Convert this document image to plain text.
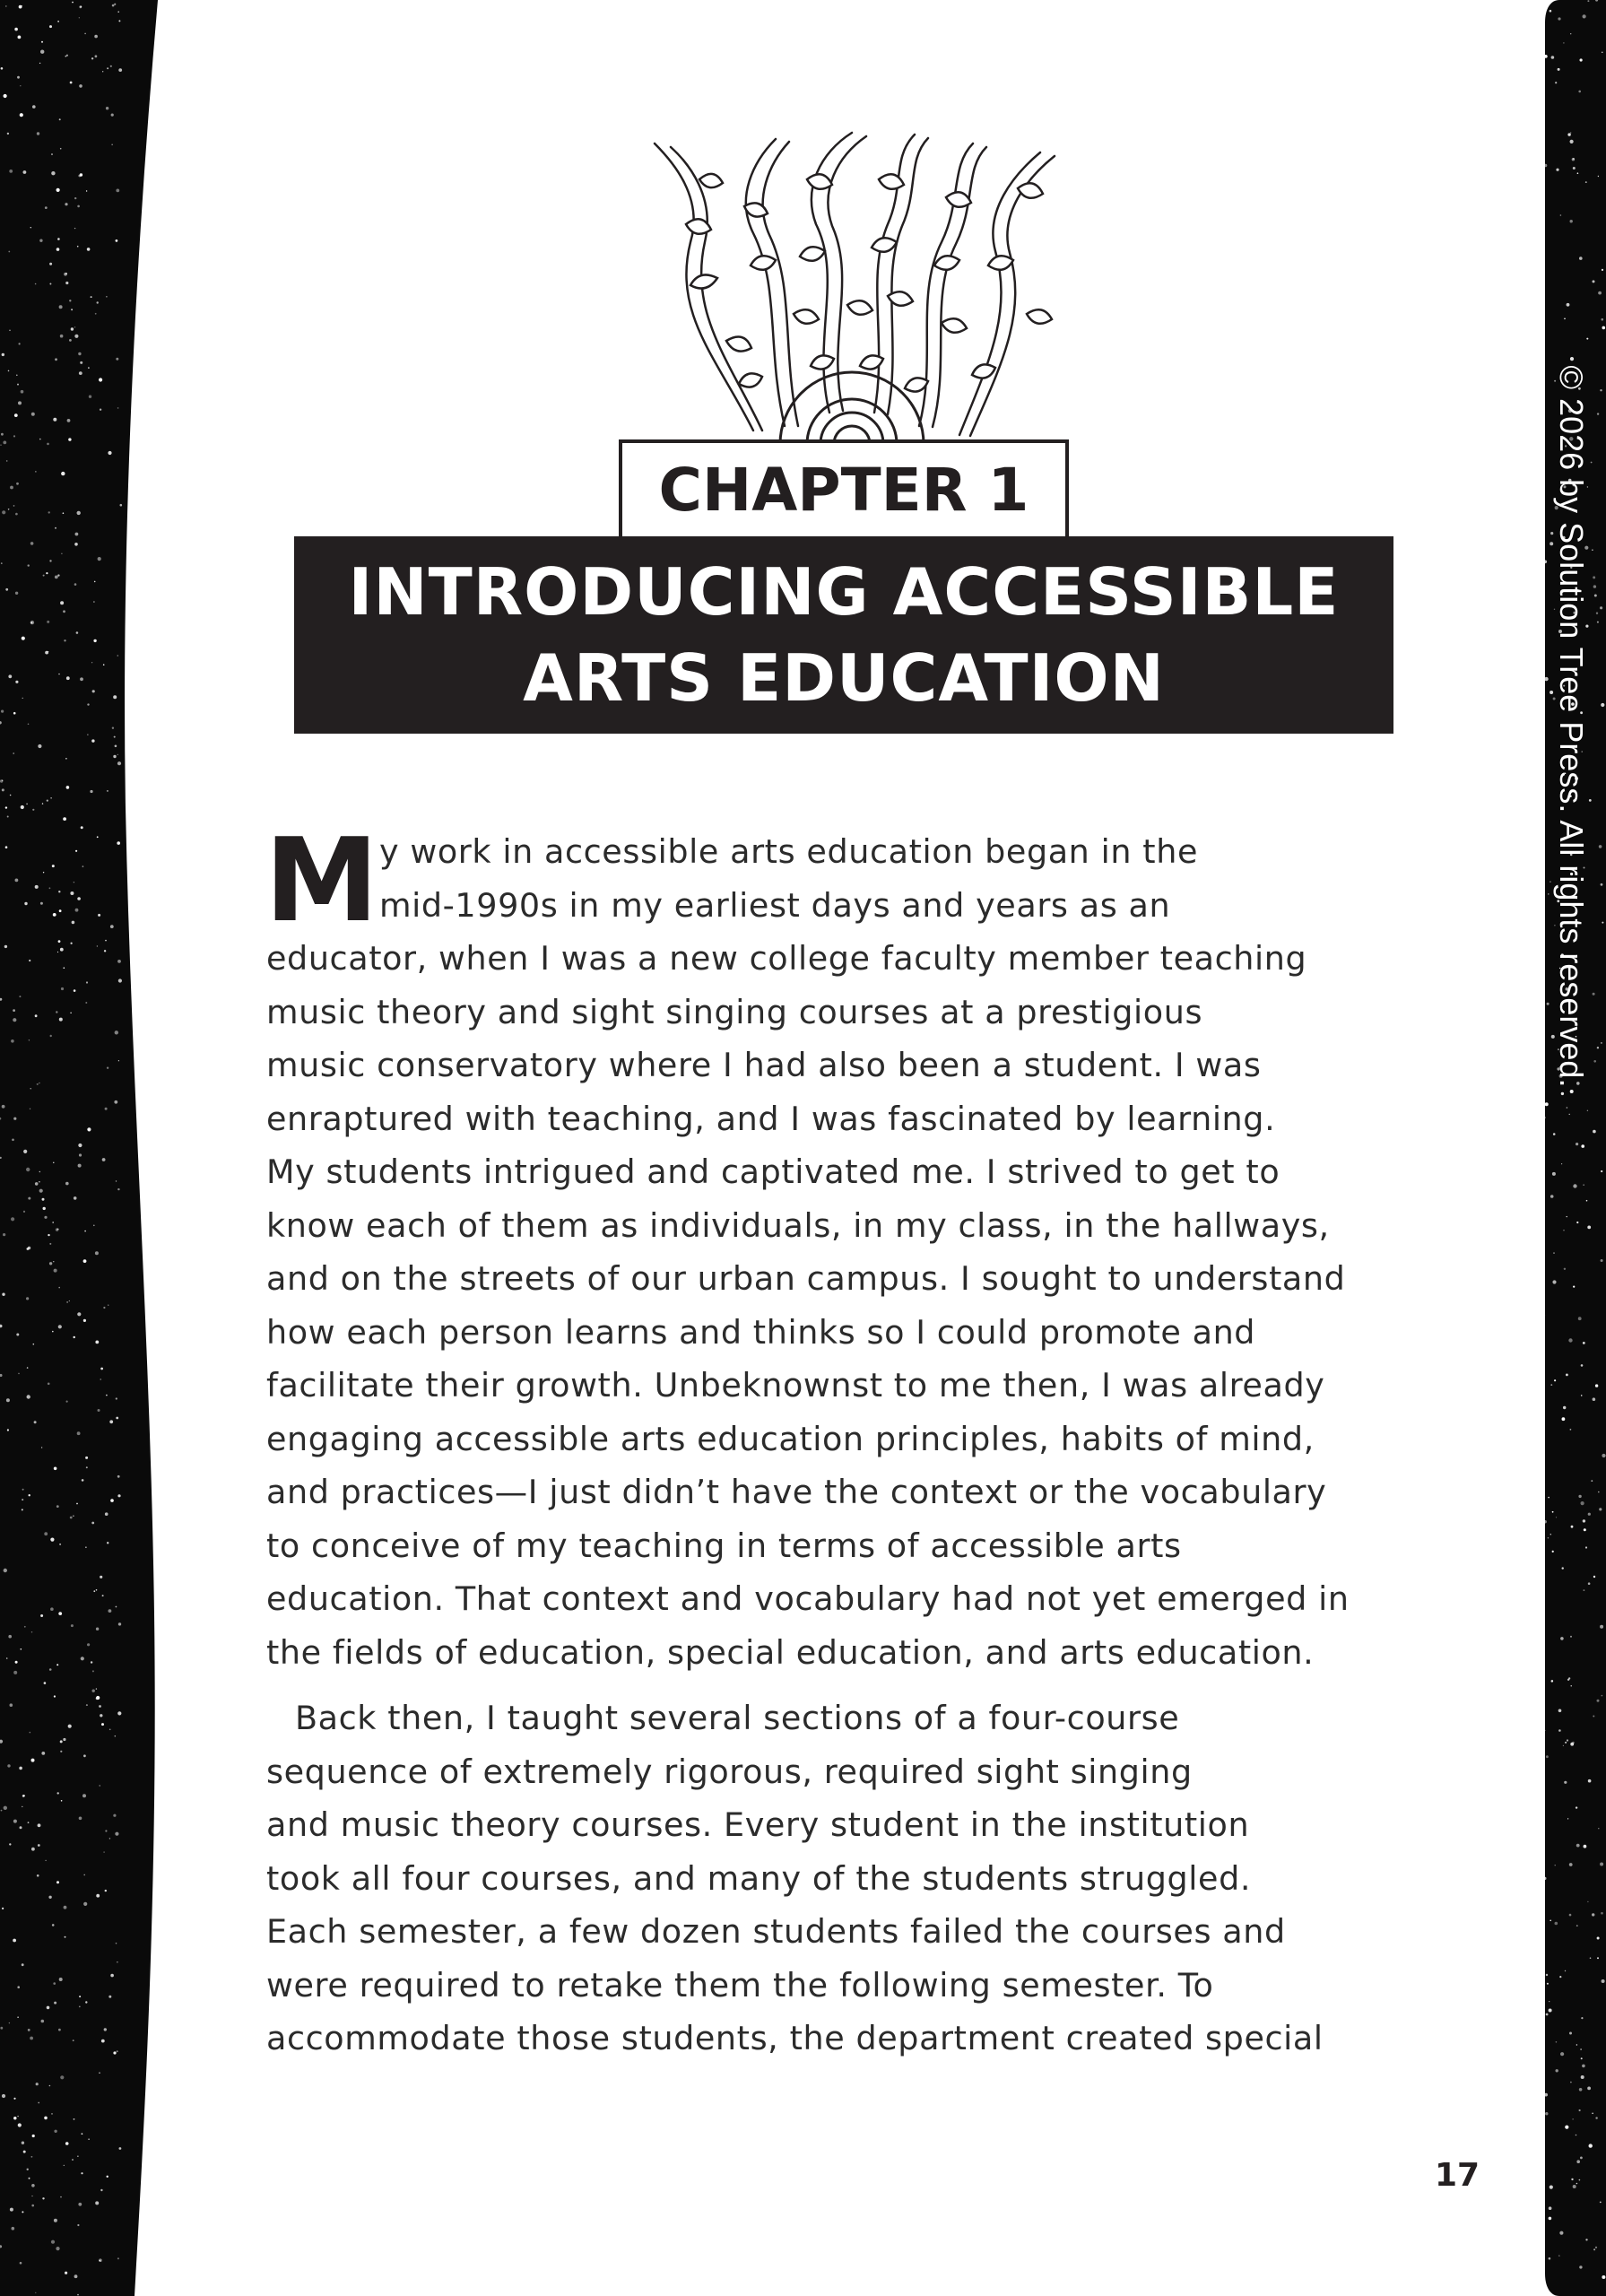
© 2026 by Solution Tree Press. All rights reserved.
CHAPTER 1
INTRODUCING ACCESSIBLE
ARTS EDUCATION
M y work in accessible arts education began in the
mid-1990s in my earliest days and years as an
educator, when I was a new college faculty member teaching
music theory and sight singing courses at a prestigious
music conservatory where I had also been a student. I was
enraptured with teaching, and I was fascinated by learning.
My students intrigued and captivated me. I strived to get to
know each of them as individuals, in my class, in the hallways,
and on the streets of our urban campus. I sought to understand
how each person learns and thinks so I could promote and
facilitate their growth. Unbeknownst to me then, I was already
engaging accessible arts education principles, habits of mind,
and practices—I just didn’t have the context or the vocabulary
to conceive of my teaching in terms of accessible arts
education. That context and vocabulary had not yet emerged in
the fields of education, special education, and arts education.
Back then, I taught several sections of a four-course
sequence of extremely rigorous, required sight singing
and music theory courses. Every student in the institution
took all four courses, and many of the students struggled.
Each semester, a few dozen students failed the courses and
were required to retake them the following semester. To
accommodate those students, the department created special
17
